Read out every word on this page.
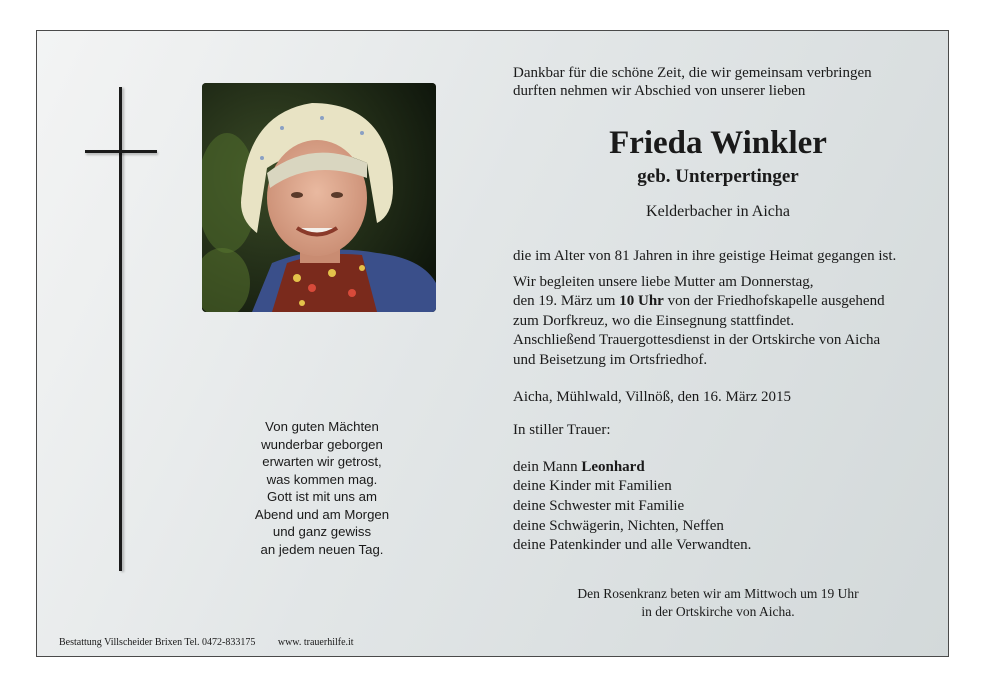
Von guten Mächten
wunderbar geborgen
erwarten wir getrost,
was kommen mag.
Gott ist mit uns am
Abend und am Morgen
und ganz gewiss
an jedem neuen Tag.
Dankbar für die schöne Zeit, die wir gemeinsam verbringen
durften nehmen wir Abschied von unserer lieben
Frieda Winkler
geb. Unterpertinger
Kelderbacher in Aicha
die im Alter von 81 Jahren in ihre geistige Heimat gegangen ist.
Wir begleiten unsere liebe Mutter am Donnerstag,
den 19. März um 10 Uhr von der Friedhofskapelle ausgehend
zum Dorfkreuz, wo die Einsegnung stattfindet.
Anschließend Trauergottesdienst in der Ortskirche von Aicha
und Beisetzung im Ortsfriedhof.
Aicha, Mühlwald, Villnöß, den 16. März 2015
In stiller Trauer:
dein Mann Leonhard
deine Kinder mit Familien
deine Schwester mit Familie
deine Schwägerin, Nichten, Neffen
deine Patenkinder und alle Verwandten.
Den Rosenkranz beten wir am Mittwoch um 19 Uhr
in der Ortskirche von Aicha.
Bestattung Villscheider Brixen Tel. 0472-833175 www. trauerhilfe.it
